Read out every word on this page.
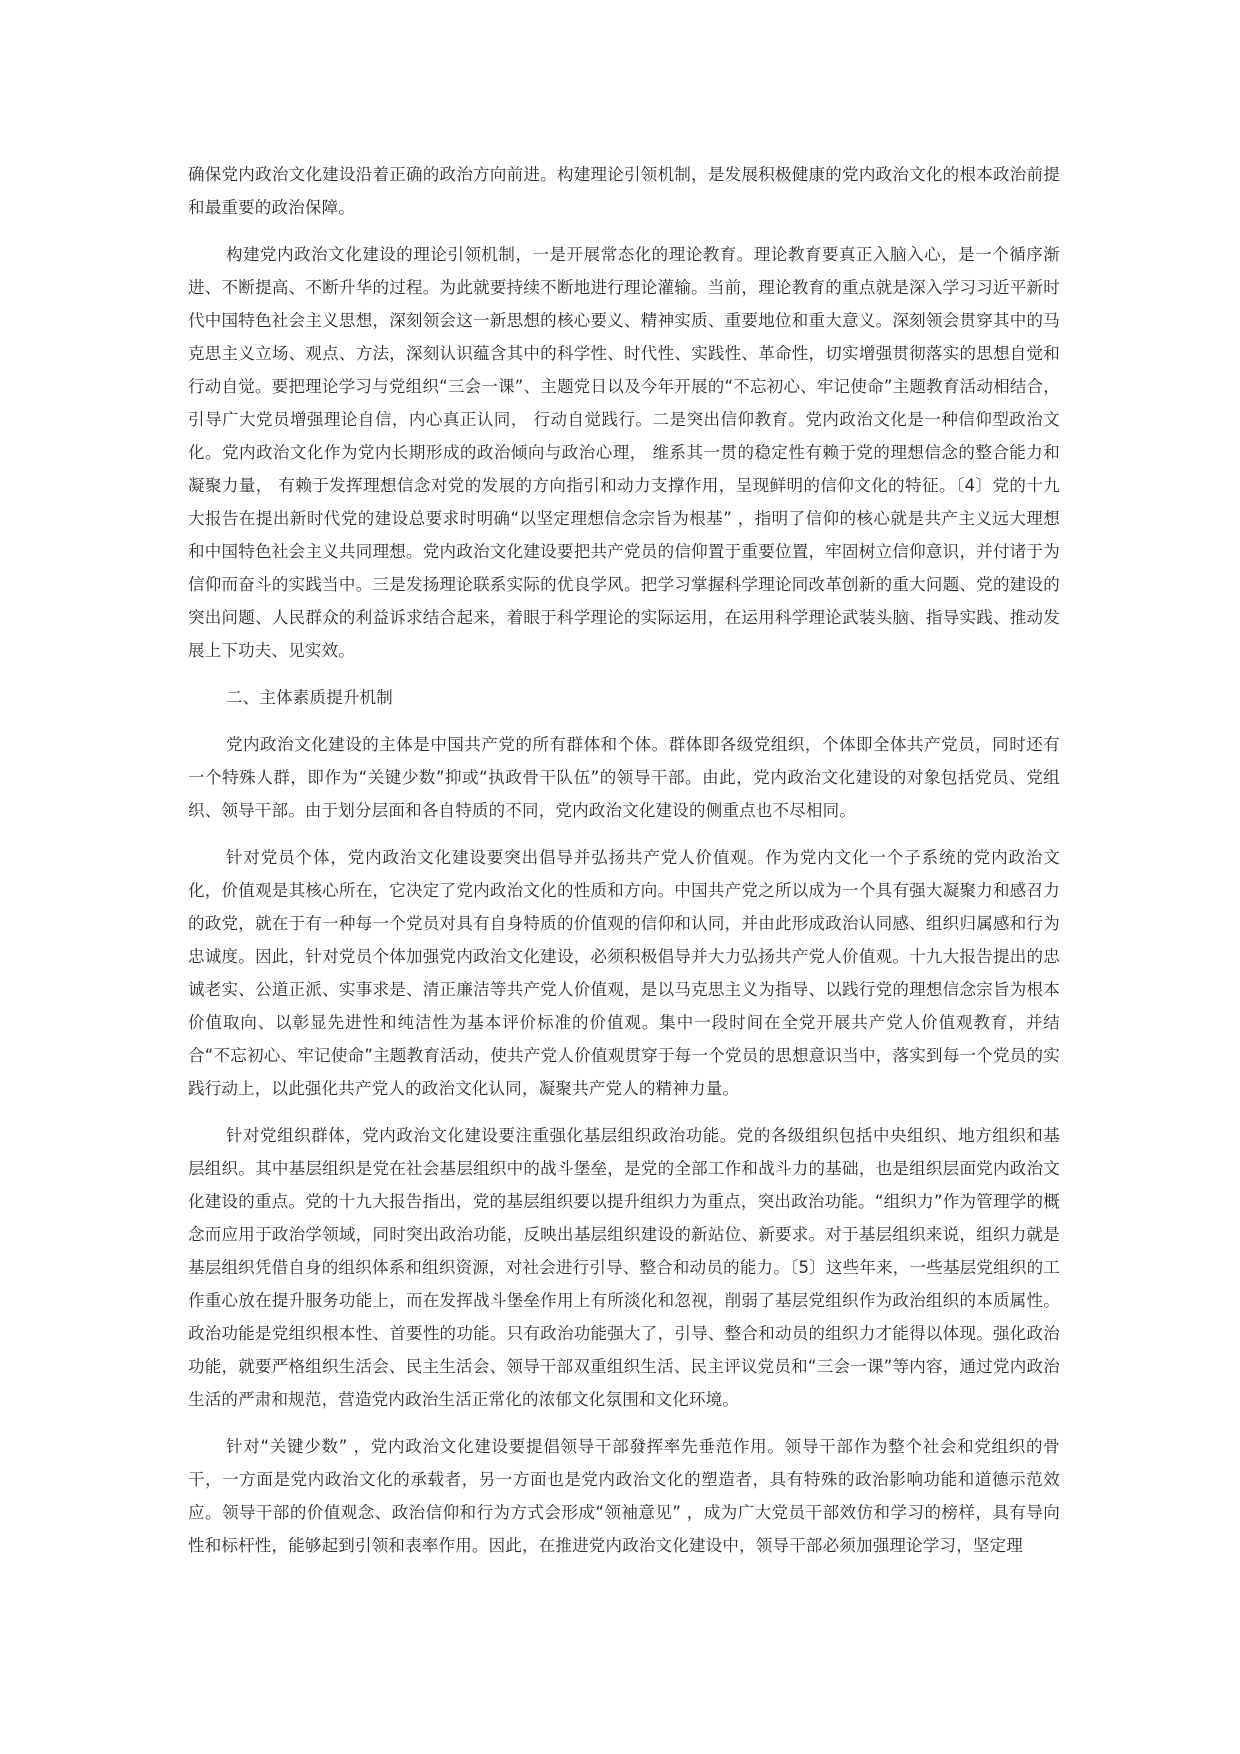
确保党内政治文化建设沿着正确的政治方向前进。构建理论引领机制，是发展积极健康的党内政治文化的根本政治前提和最重要的政治保障。

构建党内政治文化建设的理论引领机制，一是开展常态化的理论教育。理论教育要真正入脑入心，是一个循序渐进、不断提高、不断升华的过程。为此就要持续不断地进行理论灌输。当前，理论教育的重点就是深入学习习近平新时代中国特色社会主义思想，深刻领会这一新思想的核心要义、精神实质、重要地位和重大意义。深刻领会贯穿其中的马克思主义立场、观点、方法，深刻认识蕴含其中的科学性、时代性、实践性、革命性，切实增强贯彻落实的思想自觉和行动自觉。要把理论学习与党组织“三会一课”、主题党日以及今年开展的“不忘初心、牢记使命”主题教育活动相结合，引导广大党员增强理论自信，内心真正认同， 行动自觉践行。二是突出信仰教育。党内政治文化是一种信仰型政治文化。党内政治文化作为党内长期形成的政治倾向与政治心理， 维系其一贯的稳定性有赖于党的理想信念的整合能力和凝聚力量， 有赖于发挥理想信念对党的发展的方向指引和动力支撑作用，呈现鲜明的信仰文化的特征。〔4〕党的十九大报告在提出新时代党的建设总要求时明确“以坚定理想信念宗旨为根基” ，指明了信仰的核心就是共产主义远大理想和中国特色社会主义共同理想。党内政治文化建设要把共产党员的信仰置于重要位置，牢固树立信仰意识，并付诸于为信仰而奋斗的实践当中。三是发扬理论联系实际的优良学风。把学习掌握科学理论同改革创新的重大问题、党的建设的突出问题、人民群众的利益诉求结合起来，着眼于科学理论的实际运用，在运用科学理论武装头脑、指导实践、推动发展上下功夫、见实效。

二、主体素质提升机制

党内政治文化建设的主体是中国共产党的所有群体和个体。群体即各级党组织，个体即全体共产党员，同时还有一个特殊人群，即作为“关键少数”抑或“执政骨干队伍”的领导干部。由此，党内政治文化建设的对象包括党员、党组织、领导干部。由于划分层面和各自特质的不同，党内政治文化建设的侧重点也不尽相同。

针对党员个体，党内政治文化建设要突出倡导并弘扬共产党人价值观。作为党内文化一个子系统的党内政治文化，价值观是其核心所在，它决定了党内政治文化的性质和方向。中国共产党之所以成为一个具有强大凝聚力和感召力的政党，就在于有一种每一个党员对具有自身特质的价值观的信仰和认同，并由此形成政治认同感、组织归属感和行为忠诚度。因此，针对党员个体加强党内政治文化建设，必须积极倡导并大力弘扬共产党人价值观。十九大报告提出的忠诚老实、公道正派、实事求是、清正廉洁等共产党人价值观，是以马克思主义为指导、以践行党的理想信念宗旨为根本价值取向、以彰显先进性和纯洁性为基本评价标准的价值观。集中一段时间在全党开展共产党人价值观教育，并结合“不忘初心、牢记使命”主题教育活动，使共产党人价值观贯穿于每一个党员的思想意识当中，落实到每一个党员的实践行动上，以此强化共产党人的政治文化认同，凝聚共产党人的精神力量。

针对党组织群体，党内政治文化建设要注重强化基层组织政治功能。党的各级组织包括中央组织、地方组织和基层组织。其中基层组织是党在社会基层组织中的战斗堡垒，是党的全部工作和战斗力的基础，也是组织层面党内政治文化建设的重点。党的十九大报告指出，党的基层组织要以提升组织力为重点，突出政治功能。“组织力”作为管理学的概念而应用于政治学领域，同时突出政治功能，反映出基层组织建设的新站位、新要求。对于基层组织来说，组织力就是基层组织凭借自身的组织体系和组织资源，对社会进行引导、整合和动员的能力。〔5〕这些年来，一些基层党组织的工作重心放在提升服务功能上，而在发挥战斗堡垒作用上有所淡化和忽视，削弱了基层党组织作为政治组织的本质属性。政治功能是党组织根本性、首要性的功能。只有政治功能强大了，引导、整合和动员的组织力才能得以体现。强化政治功能，就要严格组织生活会、民主生活会、领导干部双重组织生活、民主评议党员和“三会一课”等内容，通过党内政治生活的严肃和规范，营造党内政治生活正常化的浓郁文化氛围和文化环境。

针对“关键少数” ，党内政治文化建设要提倡领导干部發挥率先垂范作用。领导干部作为整个社会和党组织的骨干，一方面是党内政治文化的承载者，另一方面也是党内政治文化的塑造者，具有特殊的政治影响功能和道德示范效应。领导干部的价值观念、政治信仰和行为方式会形成“领袖意见” ，成为广大党员干部效仿和学习的榜样，具有导向性和标杆性，能够起到引领和表率作用。因此，在推进党内政治文化建设中，领导干部必须加强理论学习，坚定理
